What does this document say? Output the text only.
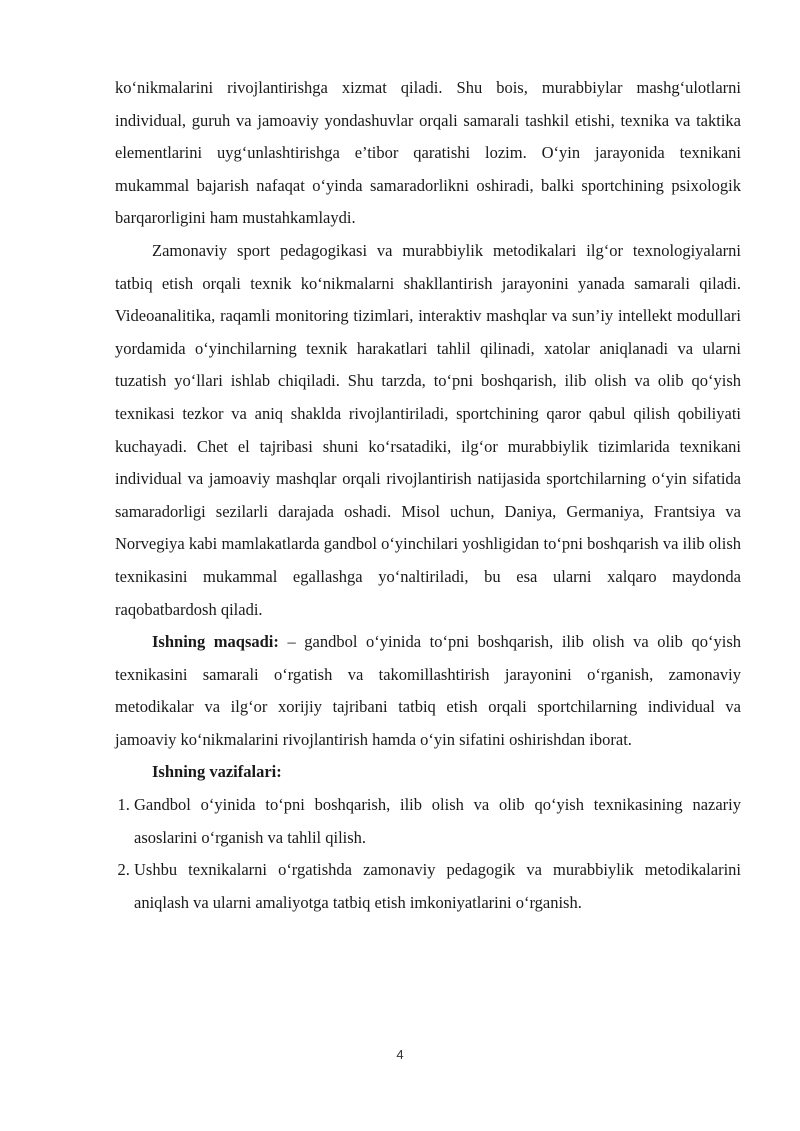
ko‘nikmalarini rivojlantirishga xizmat qiladi. Shu bois, murabbiylar mashg‘ulotlarni individual, guruh va jamoaviy yondashuvlar orqali samarali tashkil etishi, texnika va taktika elementlarini uyg‘unlashtirishga e’tibor qaratishi lozim. O‘yin jarayonida texnikani mukammal bajarish nafaqat o‘yinda samaradorlikni oshiradi, balki sportchining psixologik barqarorligini ham mustahkamlaydi.

Zamonaviy sport pedagogikasi va murabbiylik metodikalari ilg‘or texnologiyalarni tatbiq etish orqali texnik ko‘nikmalarni shakllantirish jarayonini yanada samarali qiladi. Videoanalitika, raqamli monitoring tizimlari, interaktiv mashqlar va sun’iy intellekt modullari yordamida o‘yinchilarning texnik harakatlari tahlil qilinadi, xatolar aniqlanadi va ularni tuzatish yo‘llari ishlab chiqiladi. Shu tarzda, to‘pni boshqarish, ilib olish va olib qo‘yish texnikasi tezkor va aniq shaklda rivojlantiriladi, sportchining qaror qabul qilish qobiliyati kuchayadi. Chet el tajribasi shuni ko‘rsatadiki, ilg‘or murabbiylik tizimlarida texnikani individual va jamoaviy mashqlar orqali rivojlantirish natijasida sportchilarning o‘yin sifatida samaradorligi sezilarli darajada oshadi. Misol uchun, Daniya, Germaniya, Frantsiya va Norvegiya kabi mamlakatlarda gandbol o‘yinchilari yoshligidan to‘pni boshqarish va ilib olish texnikasini mukammal egallashga yo‘naltiriladi, bu esa ularni xalqaro maydonda raqobatbardosh qiladi.

Ishning maqsadi: – gandbol o‘yinida to‘pni boshqarish, ilib olish va olib qo‘yish texnikasini samarali o‘rgatish va takomillashtirish jarayonini o‘rganish, zamonaviy metodikalar va ilg‘or xorijiy tajribani tatbiq etish orqali sportchilarning individual va jamoaviy ko‘nikmalarini rivojlantirish hamda o‘yin sifatini oshirishdan iborat.

Ishning vazifalari:

1. Gandbol o‘yinida to‘pni boshqarish, ilib olish va olib qo‘yish texnikasining nazariy asoslarini o‘rganish va tahlil qilish.
2. Ushbu texnikalarni o‘rgatishda zamonaviy pedagogik va murabbiylik metodikalarini aniqlash va ularni amaliyotga tatbiq etish imkoniyatlarini o‘rganish.
4
